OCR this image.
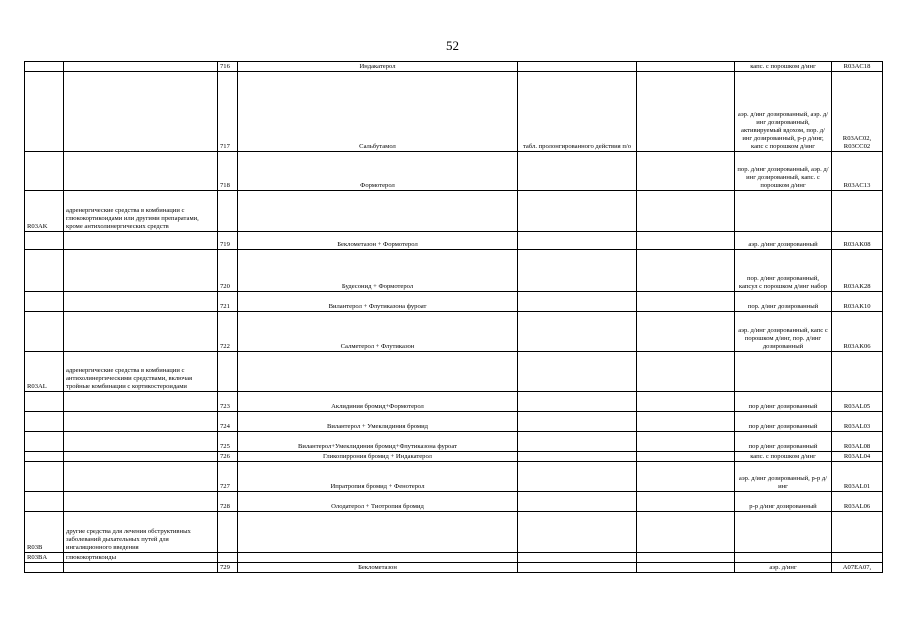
52
		716	Индакатерол			капс. с порошком д/инг	R03AC18
		717	Сальбутамол	табл. пролонгированного действия п/о		аэр. д/инг дозированный, аэр. д/инг дозированный, активируемый вдохом, пор. д/инг дозированный, р-р д/инг, капс с порошком д/инг	R03AC02, R03CC02
		718	Формотерол			пор. д/инг дозированный, аэр. д/инг дозированный, капс. с порошком д/инг	R03AC13
R03AK	адренергические средства в комбинации с глюкокортикоидами или другими препаратами, кроме антихолинергических средств						
		719	Беклометазон + Формотерол			аэр. д/инг дозированный	R03AK08
		720	Будесонид + Формотерол			пор. д/инг дозированный, капсул с порошком д/инг набор	R03AK28
		721	Вилантерол + Флутиказона фуроат			пор. д/инг дозированный	R03AK10
		722	Салметерол + Флутиказон			аэр. д/инг дозированный, капс с порошком д/инг, пор. д/инг дозированный	R03AK06
R03AL	адренергические средства в комбинации с антихолинергическими средствами, включая тройные комбинации с кортикостероидами						
		723	Аклидиния бромид+Формотерол			пор д/инг дозированный	R03AL05
		724	Вилантерол + Умеклидиния бромид			пор д/инг дозированный	R03AL03
		725	Вилантерол+Умеклидиния бромид+Флутиказона фуроат			пор д/инг дозированный	R03AL08
		726	Гликопиррония бромид + Индакатерол			капс. с порошком д/инг	R03AL04
		727	Ипратропия бромид + Фенотерол			аэр. д/инг дозированный, р-р д/инг	R03AL01
		728	Олодатерол + Тиотропия бромид			р-р д/инг дозированный	R03AL06
R03B	другие средства для лечения обструктивных заболеваний дыхательных путей для ингаляционного введения						
R03BA	глюкокортикоиды						
		729	Беклометазон			аэр. д/инг	A07EA07,
